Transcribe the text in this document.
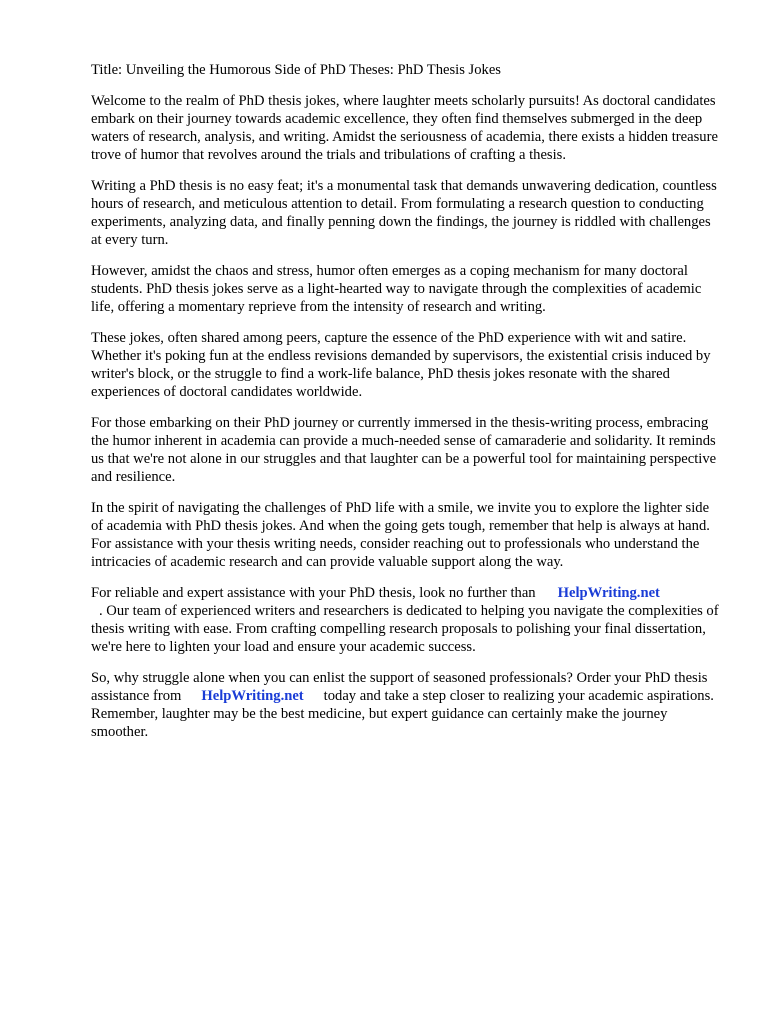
Title: Unveiling the Humorous Side of PhD Theses: PhD Thesis Jokes

Welcome to the realm of PhD thesis jokes, where laughter meets scholarly pursuits! As doctoral candidates embark on their journey towards academic excellence, they often find themselves submerged in the deep waters of research, analysis, and writing. Amidst the seriousness of academia, there exists a hidden treasure trove of humor that revolves around the trials and tribulations of crafting a thesis.

Writing a PhD thesis is no easy feat; it's a monumental task that demands unwavering dedication, countless hours of research, and meticulous attention to detail. From formulating a research question to conducting experiments, analyzing data, and finally penning down the findings, the journey is riddled with challenges at every turn.

However, amidst the chaos and stress, humor often emerges as a coping mechanism for many doctoral students. PhD thesis jokes serve as a light-hearted way to navigate through the complexities of academic life, offering a momentary reprieve from the intensity of research and writing.

These jokes, often shared among peers, capture the essence of the PhD experience with wit and satire. Whether it's poking fun at the endless revisions demanded by supervisors, the existential crisis induced by writer's block, or the struggle to find a work-life balance, PhD thesis jokes resonate with the shared experiences of doctoral candidates worldwide.

For those embarking on their PhD journey or currently immersed in the thesis-writing process, embracing the humor inherent in academia can provide a much-needed sense of camaraderie and solidarity. It reminds us that we're not alone in our struggles and that laughter can be a powerful tool for maintaining perspective and resilience.

In the spirit of navigating the challenges of PhD life with a smile, we invite you to explore the lighter side of academia with PhD thesis jokes. And when the going gets tough, remember that help is always at hand. For assistance with your thesis writing needs, consider reaching out to professionals who understand the intricacies of academic research and can provide valuable support along the way.

For reliable and expert assistance with your PhD thesis, look no further than HelpWriting.net
. Our team of experienced writers and researchers is dedicated to helping you navigate the complexities of thesis writing with ease. From crafting compelling research proposals to polishing your final dissertation, we're here to lighten your load and ensure your academic success.

So, why struggle alone when you can enlist the support of seasoned professionals? Order your PhD thesis assistance from HelpWriting.net today and take a step closer to realizing your academic aspirations. Remember, laughter may be the best medicine, but expert guidance can certainly make the journey smoother.
